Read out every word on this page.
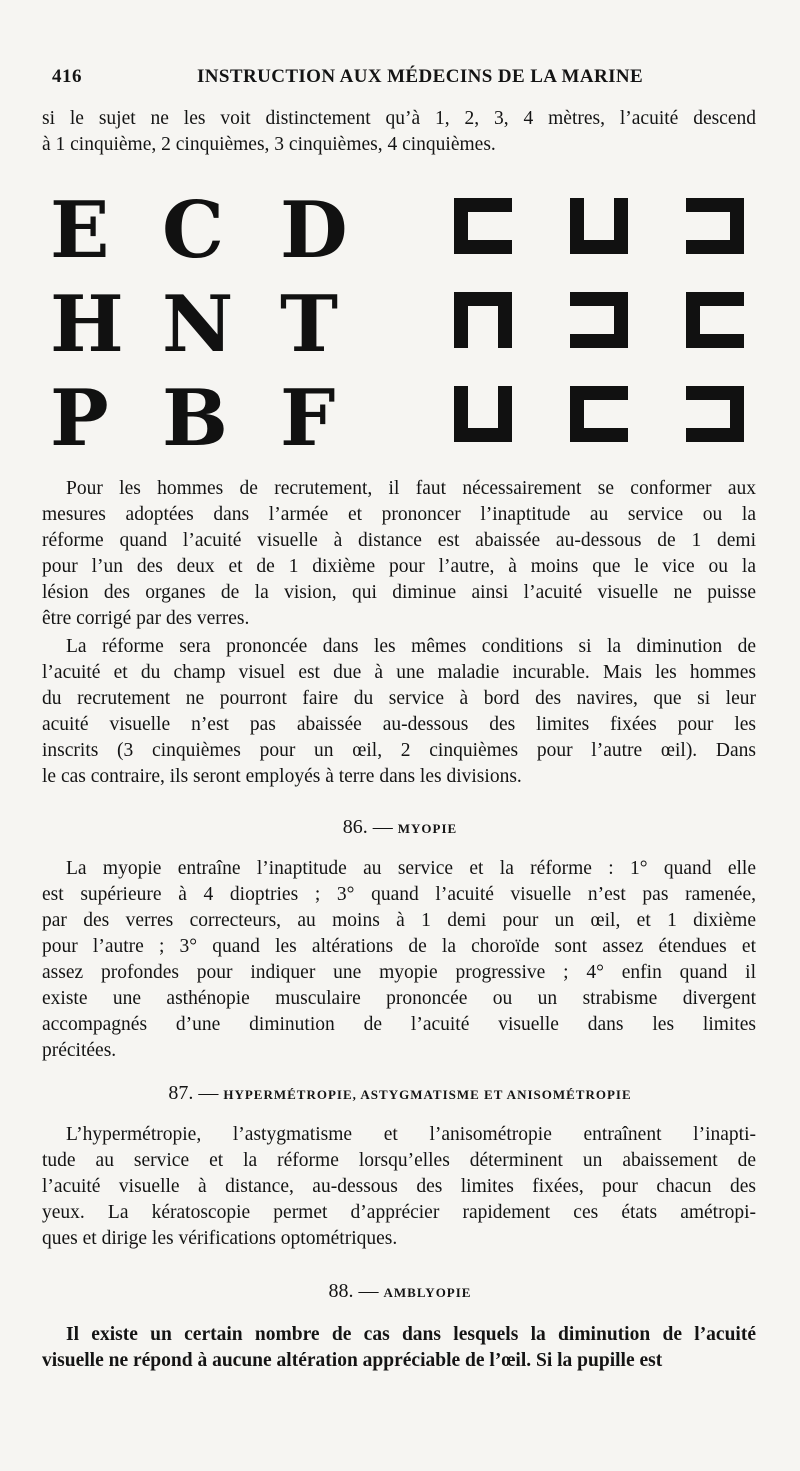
416	INSTRUCTION AUX MÉDECINS DE LA MARINE
si le sujet ne les voit distinctement qu’à 1, 2, 3, 4 mètres, l’acuité descend
à 1 cinquième, 2 cinquièmes, 3 cinquièmes, 4 cinquièmes.
E C D
H N T
P B F
Pour les hommes de recrutement, il faut nécessairement se conformer aux
mesures adoptées dans l’armée et prononcer l’inaptitude au service ou la
réforme quand l’acuité visuelle à distance est abaissée au-dessous de 1 demi
pour l’un des deux et de 1 dixième pour l’autre, à moins que le vice ou la
lésion des organes de la vision, qui diminue ainsi l’acuité visuelle ne puisse
être corrigé par des verres.
La réforme sera prononcée dans les mêmes conditions si la diminution de
l’acuité et du champ visuel est due à une maladie incurable. Mais les hommes
du recrutement ne pourront faire du service à bord des navires, que si leur
acuité visuelle n’est pas abaissée au-dessous des limites fixées pour les
inscrits (3 cinquièmes pour un œil, 2 cinquièmes pour l’autre œil). Dans
le cas contraire, ils seront employés à terre dans les divisions.
86. — MYOPIE
La myopie entraîne l’inaptitude au service et la réforme : 1° quand elle
est supérieure à 4 dioptries ; 3° quand l’acuité visuelle n’est pas ramenée,
par des verres correcteurs, au moins à 1 demi pour un œil, et 1 dixième
pour l’autre ; 3° quand les altérations de la choroïde sont assez étendues et
assez profondes pour indiquer une myopie progressive ; 4° enfin quand il
existe une asthénopie musculaire prononcée ou un strabisme divergent
accompagnés d’une diminution de l’acuité visuelle dans les limites
précitées.
87. — HYPERMÉTROPIE, ASTYGMATISME ET ANISOMÉTROPIE
L’hypermétropie, l’astygmatisme et l’anisométropie entraînent l’inapti-
tude au service et la réforme lorsqu’elles déterminent un abaissement de
l’acuité visuelle à distance, au-dessous des limites fixées, pour chacun des
yeux. La kératoscopie permet d’apprécier rapidement ces états amétropi-
ques et dirige les vérifications optométriques.
88. — AMBLYOPIE
Il existe un certain nombre de cas dans lesquels la diminution de l’acuité
visuelle ne répond à aucune altération appréciable de l’œil. Si la pupille est
